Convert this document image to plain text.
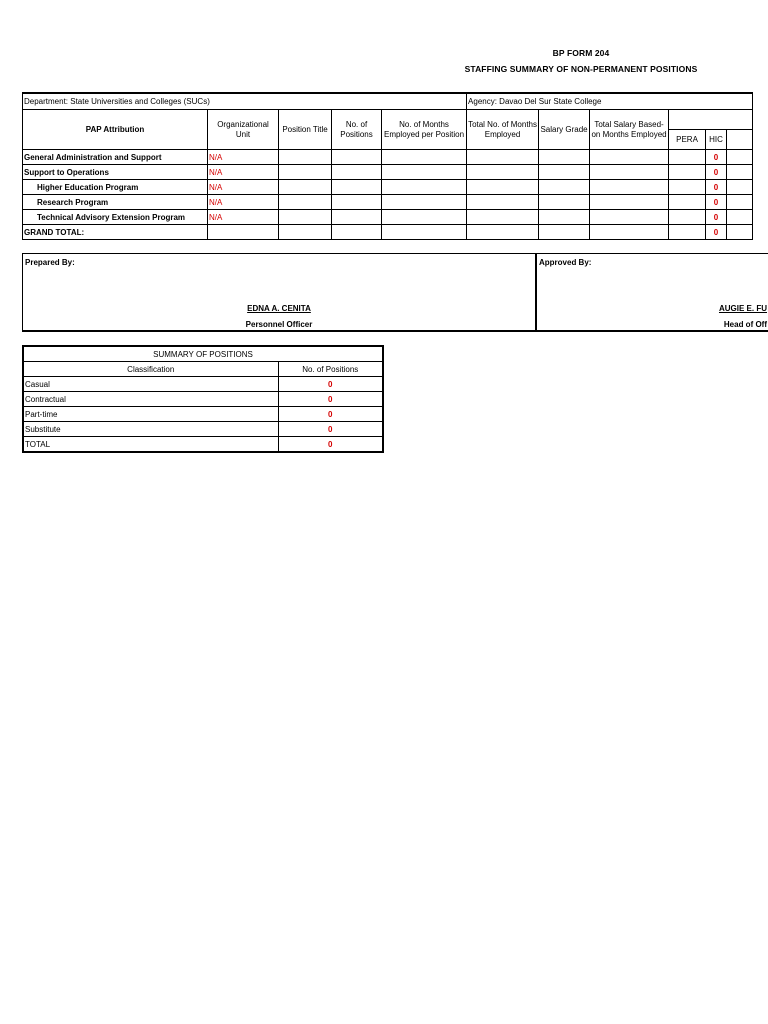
BP FORM 204
STAFFING SUMMARY OF NON-PERMANENT POSITIONS
Department: State Universities and Colleges (SUCs)					Agency: Davao Del Sur State College					
PAP Attribution	Organizational Unit	Position Title	No. of Positions	No. of Months Employed per Position	Total No. of Months Employed	Salary Grade	Total Salary Based-on Months Employed			
								PERA	HIC	
General Administration and Support	N/A								0	
Support to Operations	N/A								0	
Higher Education Program	N/A								0	
Research Program	N/A								0	
Technical Advisory Extension Program	N/A								0	
GRAND TOTAL:									0	
Prepared By:
EDNA A. CENITA
Personnel Officer
Approved By:
AUGIE E. FU
Head of Off
SUMMARY OF POSITIONS	
Classification	No. of Positions
Casual	0
Contractual	0
Part-time	0
Substitute	0
TOTAL	0
